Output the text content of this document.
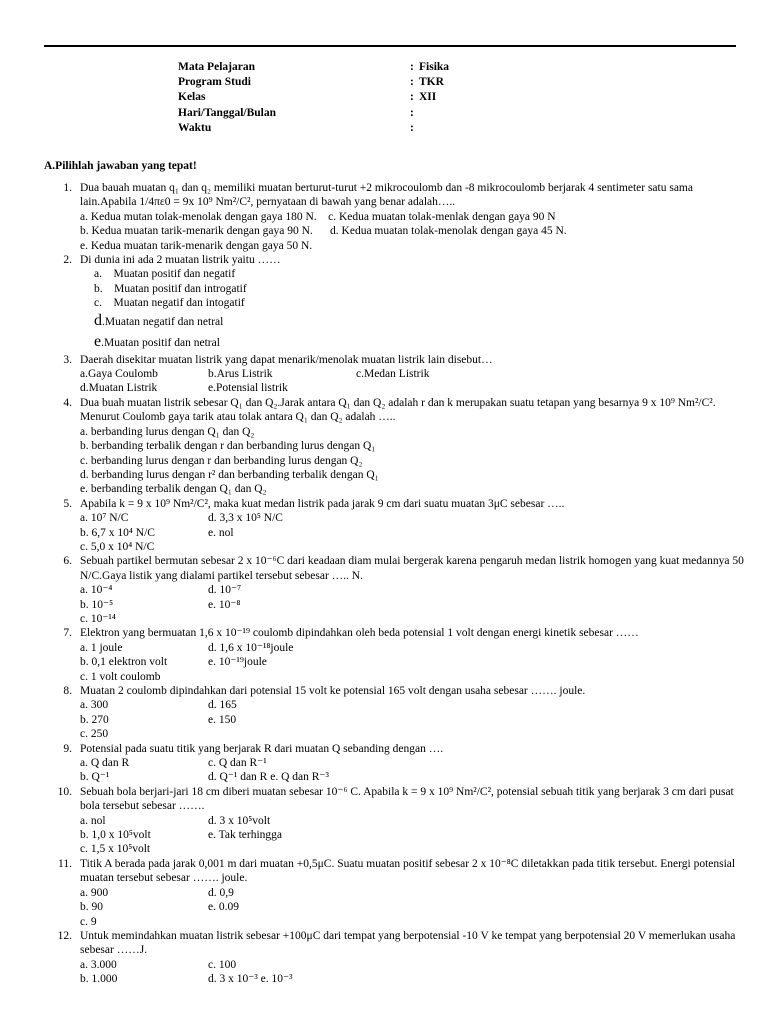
Mata Pelajaran	: Fisika
Program Studi	: TKR
Kelas	: XII
Hari/Tanggal/Bulan	:
Waktu	:

A.Pilihlah jawaban yang tepat!

1. Dua bauah muatan q₁ dan q₂ memiliki muatan berturut-turut +2 mikrocoulomb dan -8 mikrocoulomb berjarak 4 sentimeter satu sama lain.Apabila 1/4πε0 = 9x 10⁹ Nm²/C², pernyataan di bawah yang benar adalah…..
a. Kedua mutan tolak-menolak dengan gaya 180 N.    c. Kedua muatan tolak-menlak dengan gaya 90 N
b. Kedua muatan tarik-menarik dengan gaya 90 N.      d. Kedua muatan tolak-menolak dengan gaya 45 N.
e. Kedua muatan tarik-menarik dengan gaya 50 N.
2. Di dunia ini ada 2 muatan listrik yaitu ……
a.    Muatan positif dan negatif
b.    Muatan positif dan introgatif
c.    Muatan negatif dan intogatif
d.Muatan negatif dan netral
e.Muatan positif dan netral
3. Daerah disekitar muatan listrik yang dapat menarik/menolak muatan listrik lain disebut…
a.Gaya Coulomb	b.Arus Listrik	c.Medan Listrik
d.Muatan Listrik	e.Potensial listrik
4. Dua buah muatan listrik sebesar Q₁ dan Q₂.Jarak antara Q₁ dan Q₂ adalah r dan k merupakan suatu tetapan yang besarnya 9 x 10⁹ Nm²/C². Menurut Coulomb gaya tarik atau tolak antara Q₁ dan Q₂ adalah …..
a. berbanding lurus dengan Q₁ dan Q₂
b. berbanding terbalik dengan r dan berbanding lurus dengan Q₁
c. berbanding lurus dengan r dan berbanding lurus dengan Q₂
d. berbanding lurus dengan r² dan berbanding terbalik dengan Q₁
e. berbanding terbalik dengan Q₁ dan Q₂
5. Apabila k = 9 x 10⁹ Nm²/C², maka kuat medan listrik pada jarak 9 cm dari suatu muatan 3μC sebesar …..
a. 10⁷ N/C	d. 3,3 x 10⁵ N/C
b. 6,7 x 10⁴ N/C	e. nol
c. 5,0 x 10⁴ N/C
6. Sebuah partikel bermutan sebesar 2 x 10⁻⁶C dari keadaan diam mulai bergerak karena pengaruh medan listrik homogen yang kuat medannya 50 N/C.Gaya listik yang dialami partikel tersebut sebesar ….. N.
a. 10⁻⁴	d. 10⁻⁷
b. 10⁻⁵	e. 10⁻⁸
c. 10⁻¹⁴
7. Elektron yang bermuatan 1,6 x 10⁻¹⁹ coulomb dipindahkan oleh beda potensial 1 volt dengan energi kinetik sebesar ……
a. 1 joule	d. 1,6 x 10⁻¹⁸joule
b. 0,1 elektron volt	e. 10⁻¹⁹joule
c. 1 volt coulomb
8. Muatan 2 coulomb dipindahkan dari potensial 15 volt ke potensial 165 volt dengan usaha sebesar ……. joule.
a. 300	d. 165
b. 270	e. 150
c. 250
9. Potensial pada suatu titik yang berjarak R dari muatan Q sebanding dengan ….
a. Q dan R	c. Q dan R⁻¹
b. Q⁻¹	d. Q⁻¹ dan R e. Q dan R⁻³
10. Sebuah bola berjari-jari 18 cm diberi muatan sebesar 10⁻⁶ C. Apabila k = 9 x 10⁹ Nm²/C², potensial sebuah titik yang berjarak 3 cm dari pusat bola tersebut sebesar …….
a. nol	d. 3 x 10⁵volt
b. 1,0 x 10⁵volt	e. Tak terhingga
c. 1,5 x 10⁵volt
11. Titik A berada pada jarak 0,001 m dari muatan +0,5μC. Suatu muatan positif sebesar 2 x 10⁻⁸C diletakkan pada titik tersebut. Energi potensial muatan tersebut sebesar ……. joule.
a. 900	d. 0,9
b. 90	e. 0.09
c. 9
12. Untuk memindahkan muatan listrik sebesar +100μC dari tempat yang berpotensial -10 V ke tempat yang berpotensial 20 V memerlukan usaha sebesar ……J.
a. 3.000	c. 100
b. 1.000	d. 3 x 10⁻³ e. 10⁻³
